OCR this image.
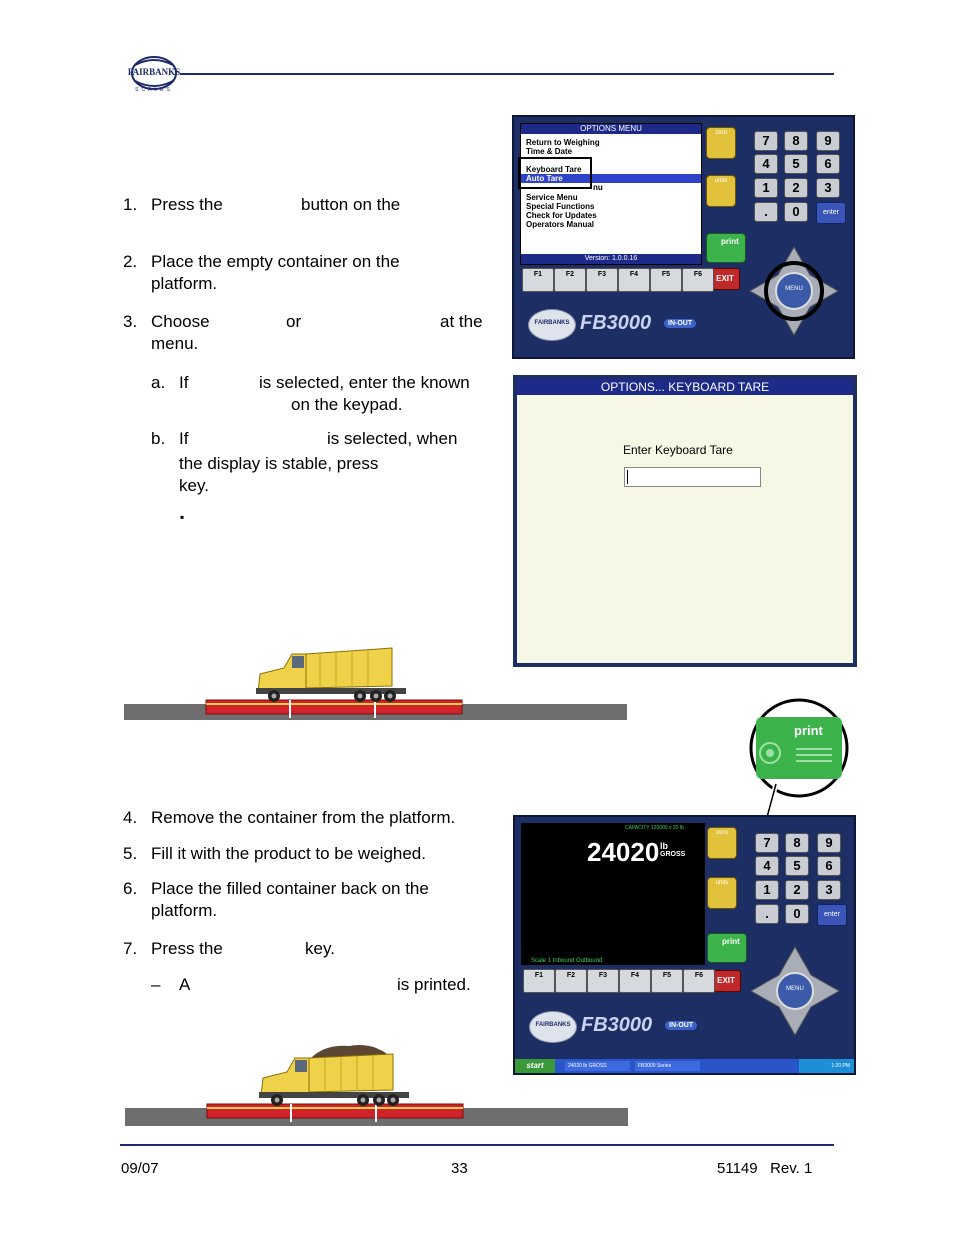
FAIRBANKS
SCALES
1. Press the	button on the
2. Place the empty container on the
platform.
3. Choose	or	at the
menu.
a. If	is selected, enter the known
on the keypad.
b. If	is selected, when
the display is stable, press
key.
▪
OPTIONS MENU
Return to Weighing
Time & Date
Keyboard Tare
Auto Tare
nu
Service Menu
Special Functions
Check for Updates
Operators Manual
Version: 1.0.0.16
zero
units
print
EXIT
7	8	9
4	5	6
1	2	3
.	0	enter
F1	F2	F3	F4	F5	F6
MENU
FAIRBANKS FB3000	IN-OUT
OPTIONS... KEYBOARD TARE
Enter Keyboard Tare
print
4. Remove the container from the platform.
5. Fill it with the product to be weighed.
6. Place the filled container back on the
platform.
7. Press the	key.
– A	is printed.
CAPACITY 120000 x 20 lb
24020 lb
GROSS
Scale 1 Inbound Outbound
zero
units
print
EXIT
7	8	9
4	5	6
1	2	3
.	0	enter
F1	F2	F3	F4	F5	F6
MENU
FAIRBANKS FB3000	IN-OUT
start	24020 lb GROSS	FB3000 Series	1:20 PM
09/07	33	51149   Rev. 1
